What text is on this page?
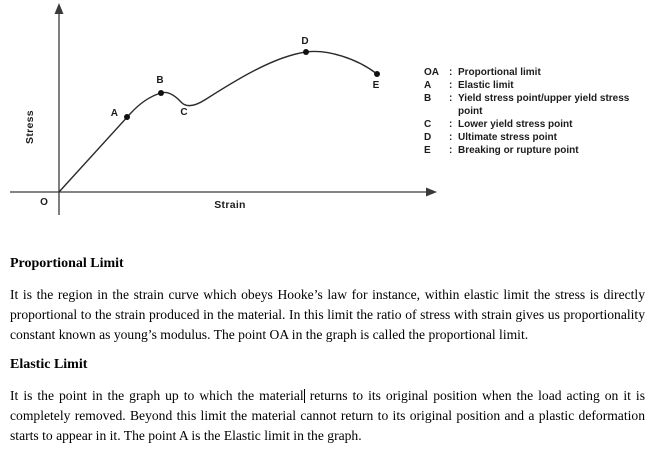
A
B
C
D
E
O	Strain
Stress
OA	: Proportional limit
A	: Elastic limit
B	: Yield stress point/upper yield stress point
C	: Lower yield stress point
D	: Ultimate stress point
E	: Breaking or rupture point
Proportional Limit

It is the region in the strain curve which obeys Hooke’s law for instance, within elastic limit the stress is directly proportional to the strain produced in the material. In this limit the ratio of stress with strain gives us proportionality constant known as young’s modulus. The point OA in the graph is called the proportional limit.

Elastic Limit

It is the point in the graph up to which the material returns to its original position when the load acting on it is completely removed. Beyond this limit the material cannot return to its original position and a plastic deformation starts to appear in it. The point A is the Elastic limit in the graph.
